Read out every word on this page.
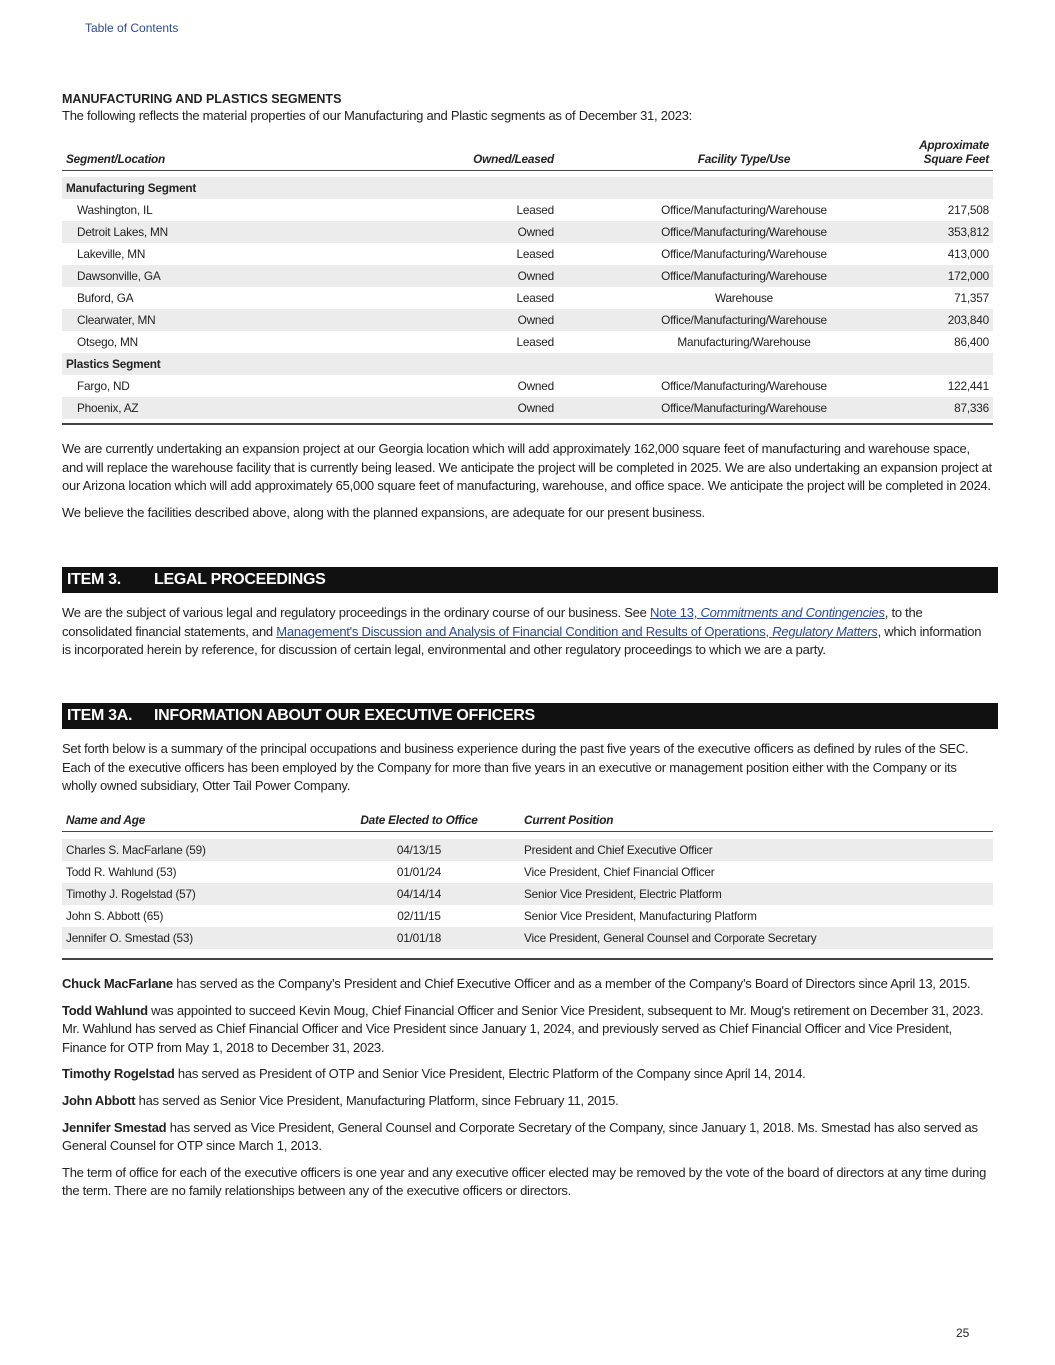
Table of Contents
MANUFACTURING AND PLASTICS SEGMENTS

The following reflects the material properties of our Manufacturing and Plastic segments as of December 31, 2023:

Segment/Location	Owned/Leased	Facility Type/Use	Approximate
Square Feet

Manufacturing Segment			
Washington, IL	Leased	Office/Manufacturing/Warehouse	217,508
Detroit Lakes, MN	Owned	Office/Manufacturing/Warehouse	353,812
Lakeville, MN	Leased	Office/Manufacturing/Warehouse	413,000
Dawsonville, GA	Owned	Office/Manufacturing/Warehouse	172,000
Buford, GA	Leased	Warehouse	71,357
Clearwater, MN	Owned	Office/Manufacturing/Warehouse	203,840
Otsego, MN	Leased	Manufacturing/Warehouse	86,400
Plastics Segment			
Fargo, ND	Owned	Office/Manufacturing/Warehouse	122,441
Phoenix, AZ	Owned	Office/Manufacturing/Warehouse	87,336

We are currently undertaking an expansion project at our Georgia location which will add approximately 162,000 square feet of manufacturing and warehouse space, and will replace the warehouse facility that is currently being leased. We anticipate the project will be completed in 2025. We are also undertaking an expansion project at our Arizona location which will add approximately 65,000 square feet of manufacturing, warehouse, and office space. We anticipate the project will be completed in 2024.

We believe the facilities described above, along with the planned expansions, are adequate for our present business.

ITEM 3. LEGAL PROCEEDINGS

We are the subject of various legal and regulatory proceedings in the ordinary course of our business. See Note 13, Commitments and Contingencies, to the consolidated financial statements, and Management's Discussion and Analysis of Financial Condition and Results of Operations, Regulatory Matters, which information is incorporated herein by reference, for discussion of certain legal, environmental and other regulatory proceedings to which we are a party.

ITEM 3A. INFORMATION ABOUT OUR EXECUTIVE OFFICERS

Set forth below is a summary of the principal occupations and business experience during the past five years of the executive officers as defined by rules of the SEC. Each of the executive officers has been employed by the Company for more than five years in an executive or management position either with the Company or its wholly owned subsidiary, Otter Tail Power Company.

Name and Age	Date Elected to Office	Current Position

Charles S. MacFarlane (59)	04/13/15	President and Chief Executive Officer
Todd R. Wahlund (53)	01/01/24	Vice President, Chief Financial Officer
Timothy J. Rogelstad (57)	04/14/14	Senior Vice President, Electric Platform
John S. Abbott (65)	02/11/15	Senior Vice President, Manufacturing Platform
Jennifer O. Smestad (53)	01/01/18	Vice President, General Counsel and Corporate Secretary

Chuck MacFarlane has served as the Company’s President and Chief Executive Officer and as a member of the Company’s Board of Directors since April 13, 2015.

Todd Wahlund was appointed to succeed Kevin Moug, Chief Financial Officer and Senior Vice President, subsequent to Mr. Moug's retirement on December 31, 2023. Mr. Wahlund has served as Chief Financial Officer and Vice President since January 1, 2024, and previously served as Chief Financial Officer and Vice President, Finance for OTP from May 1, 2018 to December 31, 2023.

Timothy Rogelstad has served as President of OTP and Senior Vice President, Electric Platform of the Company since April 14, 2014.

John Abbott has served as Senior Vice President, Manufacturing Platform, since February 11, 2015.

Jennifer Smestad has served as Vice President, General Counsel and Corporate Secretary of the Company, since January 1, 2018. Ms. Smestad has also served as General Counsel for OTP since March 1, 2013.

The term of office for each of the executive officers is one year and any executive officer elected may be removed by the vote of the board of directors at any time during the term. There are no family relationships between any of the executive officers or directors.

25
